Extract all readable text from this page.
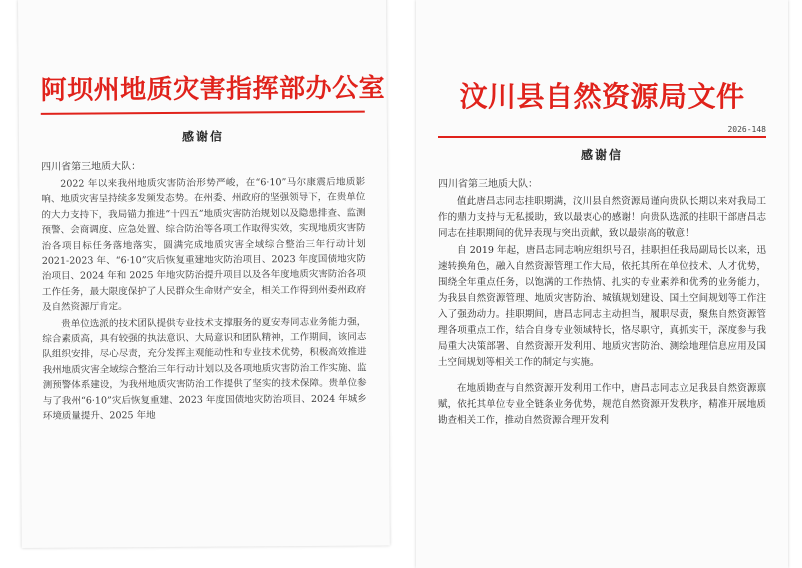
阿坝州地质灾害指挥部办公室
感谢信

四川省第三地质大队：

2022 年以来我州地质灾害防治形势严峻，在“6·10”马尔康震后地质影响、地质灾害呈持续多发频发态势。在州委、州政府的坚强领导下，在贵单位的大力支持下，我局锚力推进“十四五”地质灾害防治规划以及隐患排查、监测预警、会商调度、应急处置、综合防治等各项工作取得实效，实现地质灾害防治各项目标任务落地落实，圆满完成地质灾害全域综合整治三年行动计划 2021-2023 年、“6·10”灾后恢复重建地灾防治项目、2023 年度国债地灾防治项目、2024 年和 2025 年地灾防治提升项目以及各年度地质灾害防治各项工作任务，最大限度保护了人民群众生命财产安全，相关工作得到州委州政府及自然资源厅肯定。

贵单位选派的技术团队提供专业技术支撑服务的夏安寿同志业务能力强，综合素质高，具有较强的执法意识、大局意识和团队精神，工作期间，该同志队组织安排，尽心尽责，充分发挥主观能动性和专业技术优势，积极高效推进我州地质灾害全域综合整治三年行动计划以及各项地质灾害防治工作实施、监测预警体系建设，为我州地质灾害防治工作提供了坚实的技术保障。贵单位参与了我州“6·10”灾后恢复重建、2023 年度国债地灾防治项目、2024 年城乡环境质量提升、2025 年地

汶川县自然资源局文件
2026-148
感谢信

四川省第三地质大队：

值此唐昌志同志挂职期满，汶川县自然资源局谨向贵队长期以来对我局工作的鼎力支持与无私援助，致以最衷心的感谢！向贵队选派的挂职干部唐昌志同志在挂职期间的优异表现与突出贡献，致以最崇高的敬意！

自 2019 年起，唐昌志同志响应组织号召，挂职担任我局副局长以来，迅速转换角色，融入自然资源管理工作大局，依托其所在单位技术、人才优势，围绕全年重点任务，以饱满的工作热情、扎实的专业素养和优秀的业务能力，为我县自然资源管理、地质灾害防治、城镇规划建设、国土空间规划等工作注入了强劲动力。挂职期间，唐昌志同志主动担当，履职尽责，聚焦自然资源管理各项重点工作，结合自身专业领域特长，恪尽职守，真抓实干，深度参与我局重大决策部署、自然资源开发利用、地质灾害防治、测绘地理信息应用及国土空间规划等相关工作的制定与实施。

在地质勘查与自然资源开发利用工作中，唐昌志同志立足我县自然资源禀赋，依托其单位专业全链条业务优势，规范自然资源开发秩序，精准开展地质勘查相关工作，推动自然资源合理开发利
